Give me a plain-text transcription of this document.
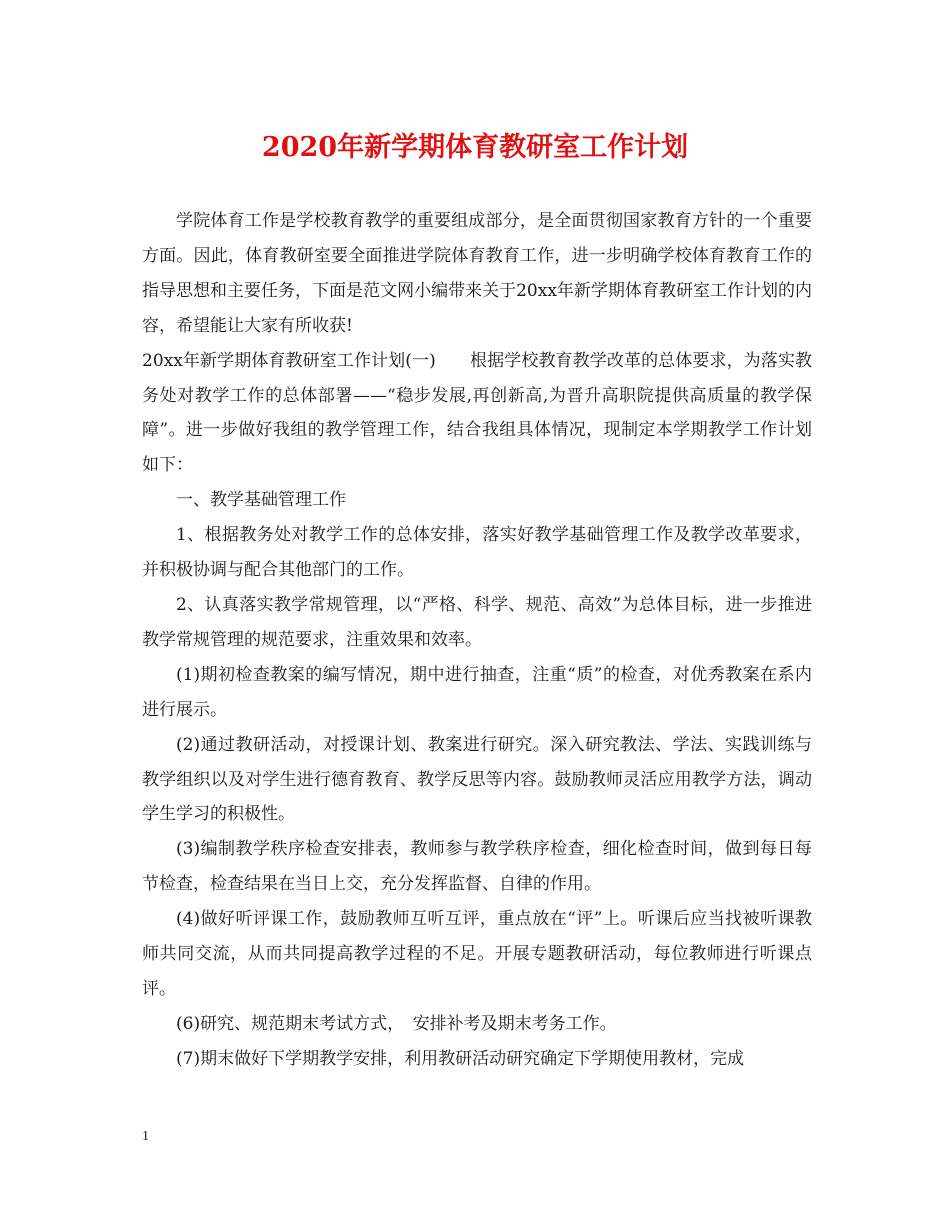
2020年新学期体育教研室工作计划

学院体育工作是学校教育教学的重要组成部分，是全面贯彻国家教育方针的一个重要方面。因此，体育教研室要全面推进学院体育教育工作，进一步明确学校体育教育工作的指导思想和主要任务，下面是范文网小编带来关于20xx年新学期体育教研室工作计划的内容，希望能让大家有所收获!

20xx年新学期体育教研室工作计划(一)　　根据学校教育教学改革的总体要求，为落实教务处对教学工作的总体部署——“稳步发展,再创新高,为晋升高职院提供高质量的教学保障”。进一步做好我组的教学管理工作，结合我组具体情况，现制定本学期教学工作计划如下：

一、教学基础管理工作

1、根据教务处对教学工作的总体安排，落实好教学基础管理工作及教学改革要求，并积极协调与配合其他部门的工作。

2、认真落实教学常规管理，以“严格、科学、规范、高效”为总体目标，进一步推进教学常规管理的规范要求，注重效果和效率。

(1)期初检查教案的编写情况，期中进行抽查，注重“质”的检查，对优秀教案在系内进行展示。

(2)通过教研活动，对授课计划、教案进行研究。深入研究教法、学法、实践训练与教学组织以及对学生进行德育教育、教学反思等内容。鼓励教师灵活应用教学方法，调动学生学习的积极性。

(3)编制教学秩序检查安排表，教师参与教学秩序检查，细化检查时间，做到每日每节检查，检查结果在当日上交，充分发挥监督、自律的作用。

(4)做好听评课工作，鼓励教师互听互评，重点放在“评”上。听课后应当找被听课教师共同交流，从而共同提高教学过程的不足。开展专题教研活动，每位教师进行听课点评。

(6)研究、规范期末考试方式，　安排补考及期末考务工作。

(7)期末做好下学期教学安排，利用教研活动研究确定下学期使用教材，完成

1
